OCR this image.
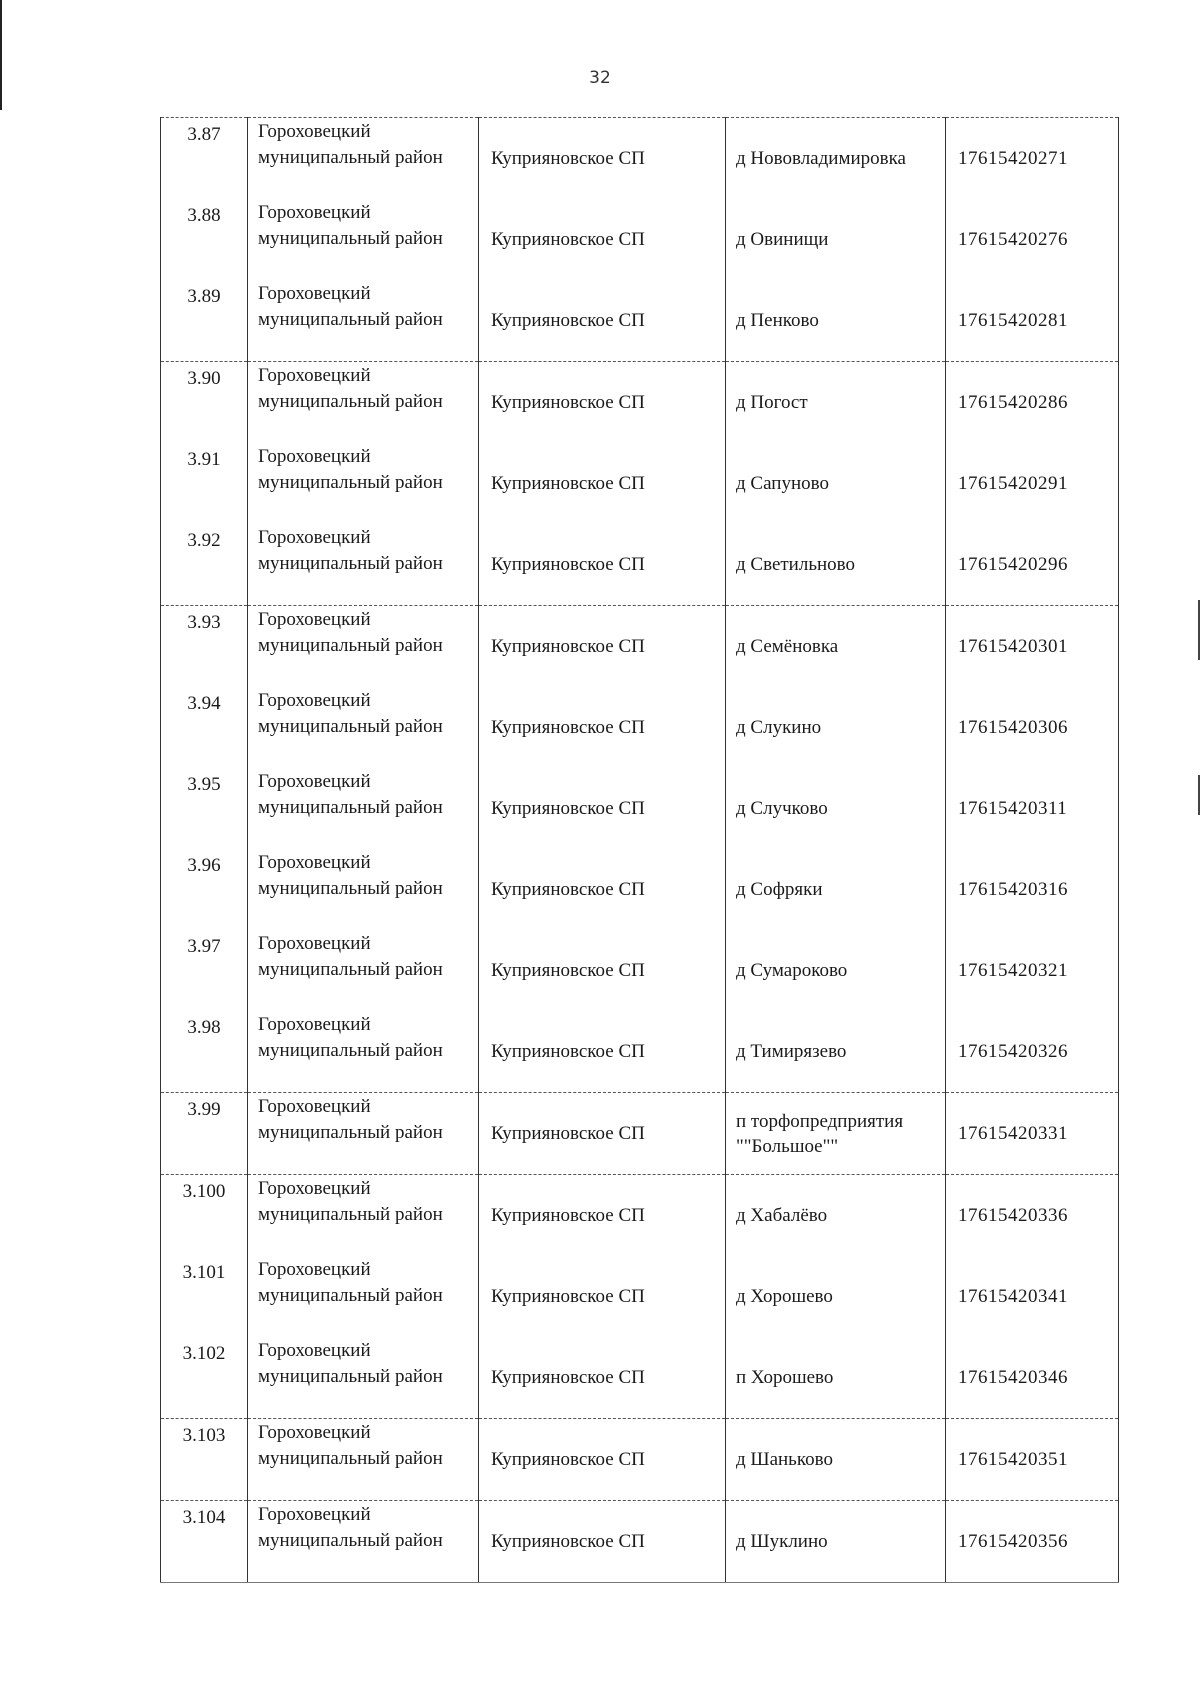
32
3.87	Гороховецкий муниципальный район	Куприяновское СП	д Нововладимировка	17615420271
3.88	Гороховецкий муниципальный район	Куприяновское СП	д Овинищи	17615420276
3.89	Гороховецкий муниципальный район	Куприяновское СП	д Пенково	17615420281
3.90	Гороховецкий муниципальный район	Куприяновское СП	д Погост	17615420286
3.91	Гороховецкий муниципальный район	Куприяновское СП	д Сапуново	17615420291
3.92	Гороховецкий муниципальный район	Куприяновское СП	д Светильново	17615420296
3.93	Гороховецкий муниципальный район	Куприяновское СП	д Семёновка	17615420301
3.94	Гороховецкий муниципальный район	Куприяновское СП	д Слукино	17615420306
3.95	Гороховецкий муниципальный район	Куприяновское СП	д Случково	17615420311
3.96	Гороховецкий муниципальный район	Куприяновское СП	д Софряки	17615420316
3.97	Гороховецкий муниципальный район	Куприяновское СП	д Сумароково	17615420321
3.98	Гороховецкий муниципальный район	Куприяновское СП	д Тимирязево	17615420326
3.99	Гороховецкий муниципальный район	Куприяновское СП	п торфопредприятия ""Большое""	17615420331
3.100	Гороховецкий муниципальный район	Куприяновское СП	д Хабалёво	17615420336
3.101	Гороховецкий муниципальный район	Куприяновское СП	д Хорошево	17615420341
3.102	Гороховецкий муниципальный район	Куприяновское СП	п Хорошево	17615420346
3.103	Гороховецкий муниципальный район	Куприяновское СП	д Шаньково	17615420351
3.104	Гороховецкий муниципальный район	Куприяновское СП	д Шуклино	17615420356
